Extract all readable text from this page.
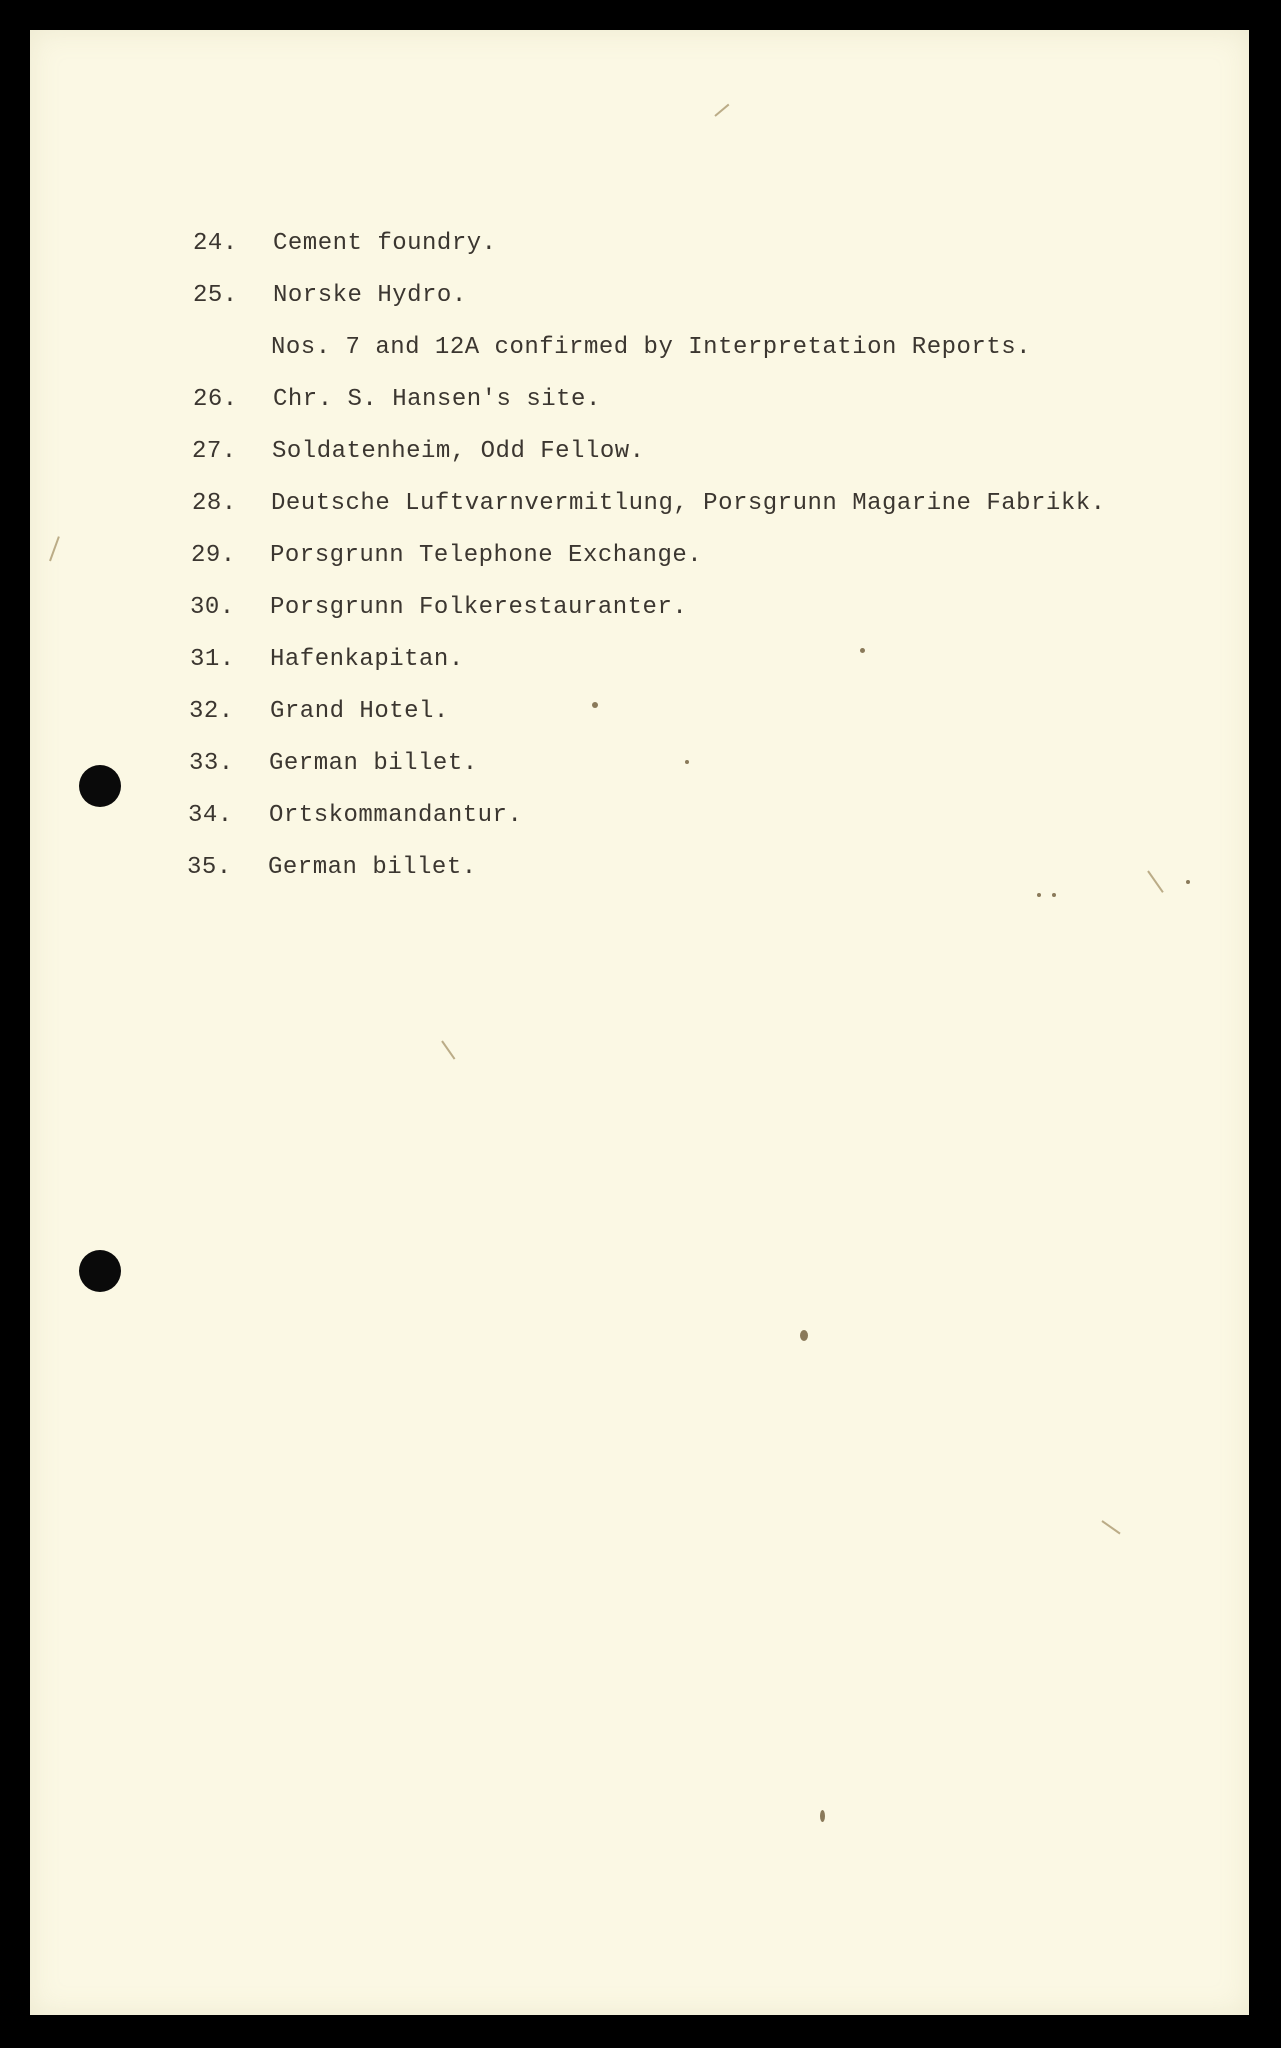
24. Cement foundry.
25. Norske Hydro.
Nos. 7 and 12A confirmed by Interpretation Reports.
26. Chr. S. Hansen's site.
27. Soldatenheim, Odd Fellow.
28. Deutsche Luftvarnvermitlung, Porsgrunn Magarine Fabrikk.
29. Porsgrunn Telephone Exchange.
30. Porsgrunn Folkerestauranter.
31. Hafenkapitan.
32. Grand Hotel.
33. German billet.
34. Ortskommandantur.
35. German billet.
